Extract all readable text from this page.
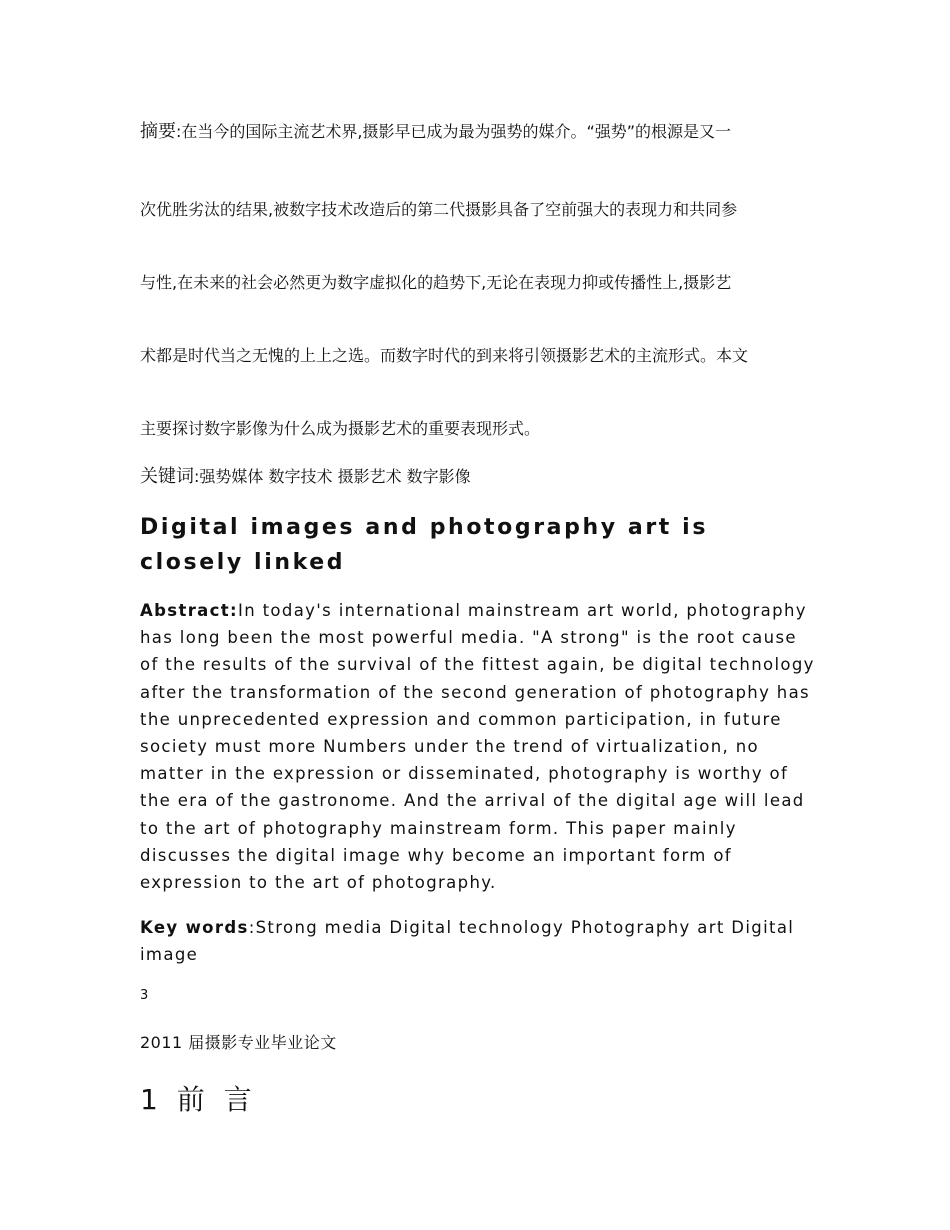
摘要:在当今的国际主流艺术界,摄影早已成为最为强势的媒介。“强势”的根源是又一

次优胜劣汰的结果,被数字技术改造后的第二代摄影具备了空前强大的表现力和共同参

与性,在未来的社会必然更为数字虚拟化的趋势下,无论在表现力抑或传播性上,摄影艺

术都是时代当之无愧的上上之选。而数字时代的到来将引领摄影艺术的主流形式。本文

主要探讨数字影像为什么成为摄影艺术的重要表现形式。

关键词:强势媒体 数字技术 摄影艺术 数字影像

Digital images and photography art is closely linked

Abstract:In today's international mainstream art world, photography has long been the most powerful media. "A strong" is the root cause of the results of the survival of the fittest again, be digital technology after the transformation of the second generation of photography has the unprecedented expression and common participation, in future society must more Numbers under the trend of virtualization, no matter in the expression or disseminated, photography is worthy of the era of the gastronome. And the arrival of the digital age will lead to the art of photography mainstream form. This paper mainly discusses the digital image why become an important form of expression to the art of photography.

Key words:Strong media Digital technology Photography art Digital image

3

2011 届摄影专业毕业论文

1 前 言
